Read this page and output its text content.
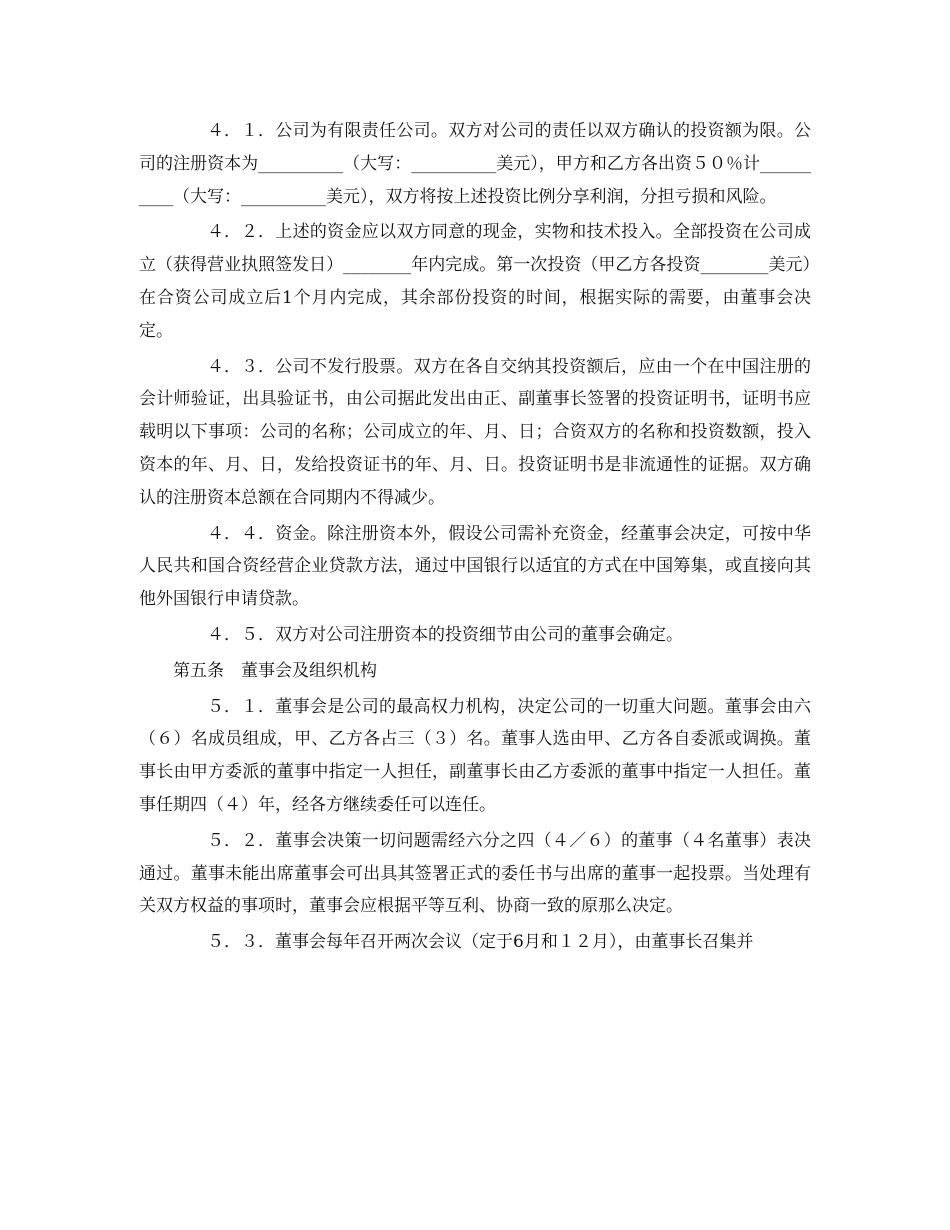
４．１．公司为有限责任公司。双方对公司的责任以双方确认的投资额为限。公司的注册资本为__________（大写：__________美元），甲方和乙方各出资５０％计__________（大写：__________美元），双方将按上述投资比例分享利润，分担亏损和风险。

４．２．上述的资金应以双方同意的现金，实物和技术投入。全部投资在公司成立（获得营业执照签发日）________年内完成。第一次投资（甲乙方各投资________美元）在合资公司成立后1个月内完成，其余部份投资的时间，根据实际的需要，由董事会决定。

４．３．公司不发行股票。双方在各自交纳其投资额后，应由一个在中国注册的会计师验证，出具验证书，由公司据此发出由正、副董事长签署的投资证明书，证明书应载明以下事项：公司的名称；公司成立的年、月、日；合资双方的名称和投资数额，投入资本的年、月、日，发给投资证书的年、月、日。投资证明书是非流通性的证据。双方确认的注册资本总额在合同期内不得减少。

４．４．资金。除注册资本外，假设公司需补充资金，经董事会决定，可按中华人民共和国合资经营企业贷款方法，通过中国银行以适宜的方式在中国筹集，或直接向其他外国银行申请贷款。

４．５．双方对公司注册资本的投资细节由公司的董事会确定。

第五条　董事会及组织机构

５．１．董事会是公司的最高权力机构，决定公司的一切重大问题。董事会由六（６）名成员组成，甲、乙方各占三（３）名。董事人选由甲、乙方各自委派或调换。董事长由甲方委派的董事中指定一人担任，副董事长由乙方委派的董事中指定一人担任。董事任期四（４）年，经各方继续委任可以连任。

５．２．董事会决策一切问题需经六分之四（４／６）的董事（４名董事）表决通过。董事未能出席董事会可出具其签署正式的委任书与出席的董事一起投票。当处理有关双方权益的事项时，董事会应根据平等互利、协商一致的原那么决定。

５．３．董事会每年召开两次会议（定于6月和１２月），由董事长召集并
